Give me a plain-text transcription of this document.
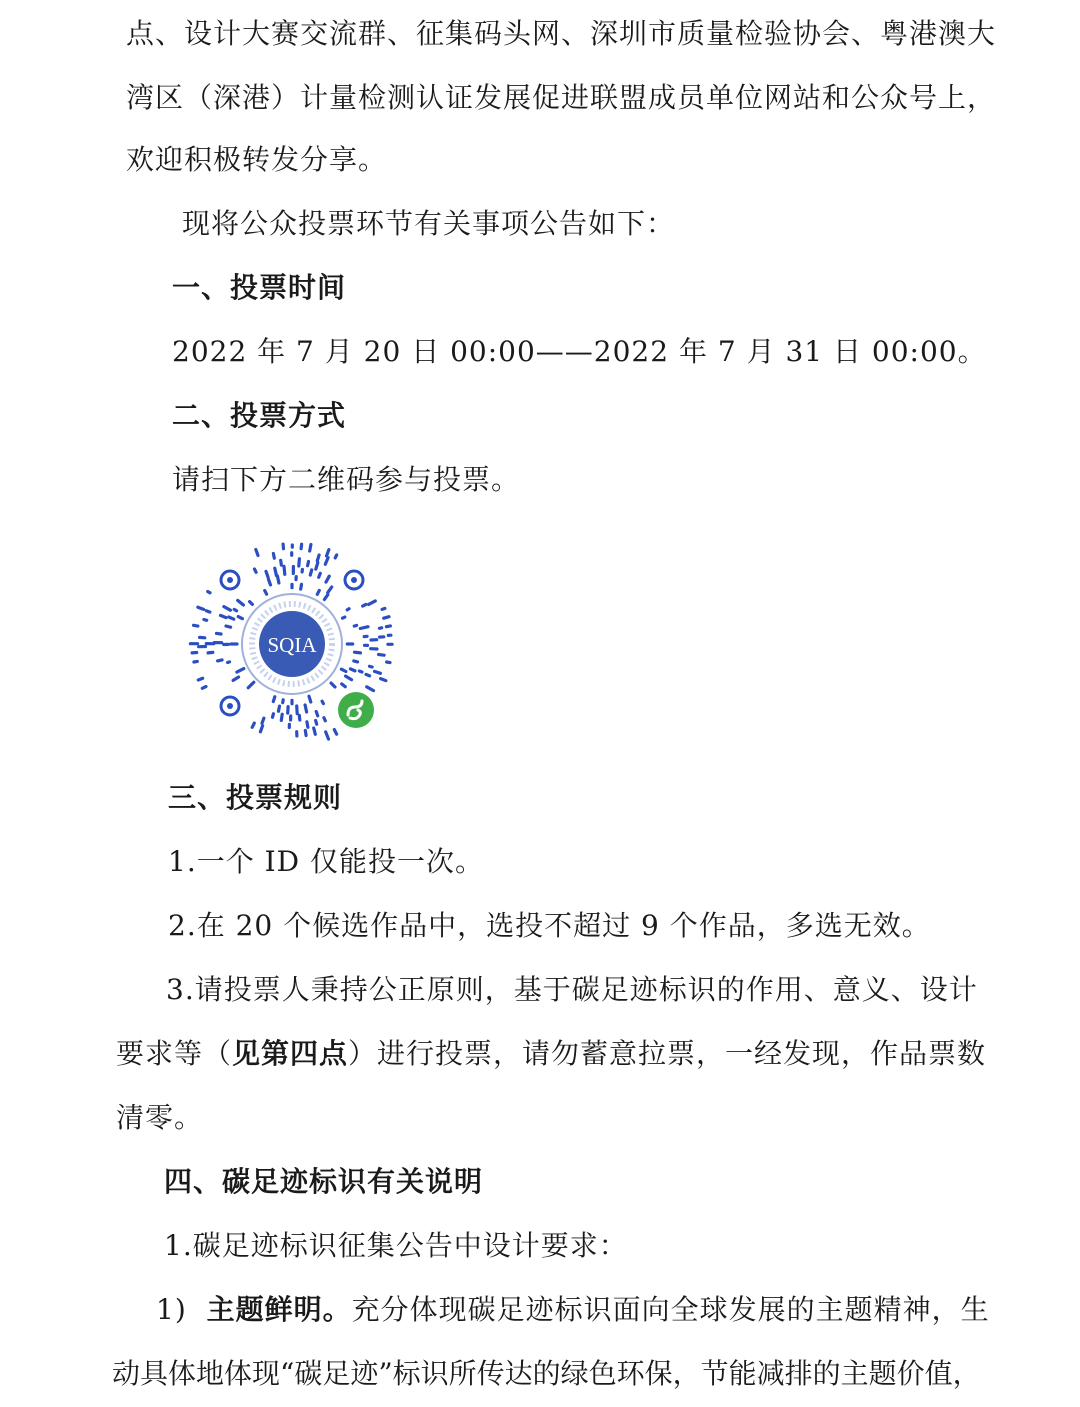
点、设计大赛交流群、征集码头网、深圳市质量检验协会、粤港澳大
湾区（深港）计量检测认证发展促进联盟成员单位网站和公众号上，
欢迎积极转发分享。
现将公众投票环节有关事项公告如下：
一、投票时间
2022 年 7 月 20 日 00:00——2022 年 7 月 31 日 00:00。
二、投票方式
请扫下方二维码参与投票。
SQIA
三、投票规则
1.一个 ID 仅能投一次。
2.在 20 个候选作品中，选投不超过 9 个作品，多选无效。
3.请投票人秉持公正原则，基于碳足迹标识的作用、意义、设计
要求等（见第四点）进行投票，请勿蓄意拉票，一经发现，作品票数
清零。
四、碳足迹标识有关说明
1.碳足迹标识征集公告中设计要求：
1) 主题鲜明。充分体现碳足迹标识面向全球发展的主题精神，生
动具体地体现“碳足迹”标识所传达的绿色环保，节能减排的主题价值，
